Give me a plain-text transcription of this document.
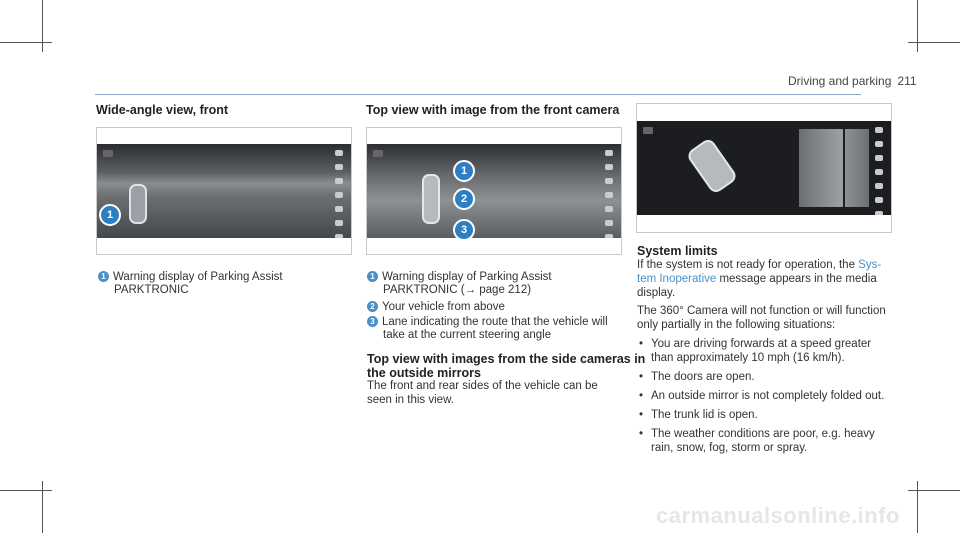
Driving and parking 211
Wide-angle view, front
1
1 Warning display of Parking Assist
PARKTRONIC
Top view with image from the front camera
1
2
3
1 Warning display of Parking Assist
PARKTRONIC (→ page 212)
2 Your vehicle from above
3 Lane indicating the route that the vehicle will
take at the current steering angle
Top view with images from the side cameras in
the outside mirrors
The front and rear sides of the vehicle can be
seen in this view.
System limits
If the system is not ready for operation, the Sys-
tem Inoperative message appears in the media
display.
The 360° Camera will not function or will function
only partially in the following situations:
• You are driving forwards at a speed greater
than approximately 10 mph (16 km/h).
• The doors are open.
• An outside mirror is not completely folded out.
• The trunk lid is open.
• The weather conditions are poor, e.g. heavy
rain, snow, fog, storm or spray.
carmanualsonline.info
